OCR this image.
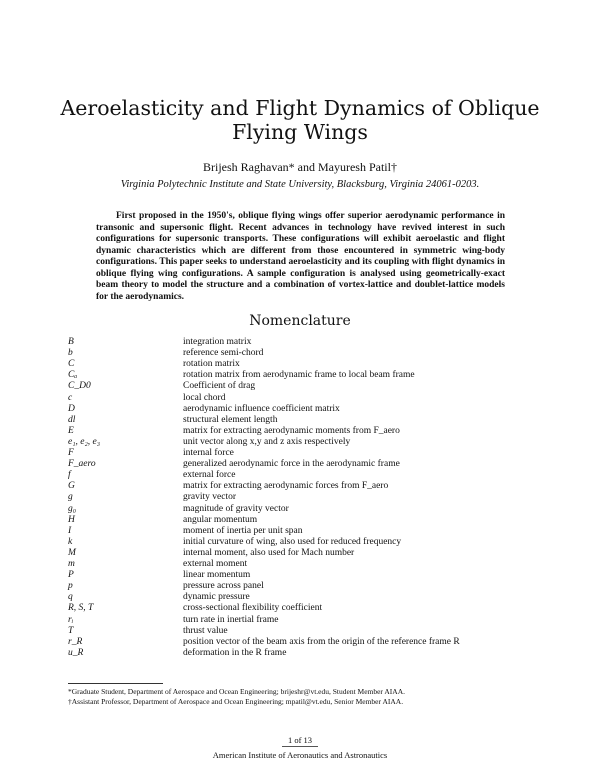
Aeroelasticity and Flight Dynamics of Oblique Flying Wings
Brijesh Raghavan* and Mayuresh Patil†
Virginia Polytechnic Institute and State University, Blacksburg, Virginia 24061-0203.

First proposed in the 1950's, oblique flying wings offer superior aerodynamic performance in transonic and supersonic flight. Recent advances in technology have revived interest in such configurations for supersonic transports. These configurations will exhibit aeroelastic and flight dynamic characteristics which are different from those encountered in symmetric wing-body configurations. This paper seeks to understand aeroelasticity and its coupling with flight dynamics in oblique flying wing configurations. A sample configuration is analysed using geometrically-exact beam theory to model the structure and a combination of vortex-lattice and doublet-lattice models for the aerodynamics.

Nomenclature
B	integration matrix
b	reference semi-chord
C	rotation matrix
Cₐ	rotation matrix from aerodynamic frame to local beam frame
C_D0	Coefficient of drag
c	local chord
D	aerodynamic influence coefficient matrix
dl	structural element length
E	matrix for extracting aerodynamic moments from F_aero
e₁, e₂, e₃	unit vector along x,y and z axis respectively
F	internal force
F_aero	generalized aerodynamic force in the aerodynamic frame
f	external force
G	matrix for extracting aerodynamic forces from F_aero
g	gravity vector
g₀	magnitude of gravity vector
H	angular momentum
I	moment of inertia per unit span
k	initial curvature of wing, also used for reduced frequency
M	internal moment, also used for Mach number
m	external moment
P	linear momentum
p	pressure across panel
q	dynamic pressure
R, S, T	cross-sectional flexibility coefficient
rᵢ	turn rate in inertial frame
T	thrust value
r_R	position vector of the beam axis from the origin of the reference frame R
u_R	deformation in the R frame
*Graduate Student, Department of Aerospace and Ocean Engineering; brijeshr@vt.edu, Student Member AIAA.
†Assistant Professor, Department of Aerospace and Ocean Engineering; mpatil@vt.edu, Senior Member AIAA.
1 of 13
American Institute of Aeronautics and Astronautics
